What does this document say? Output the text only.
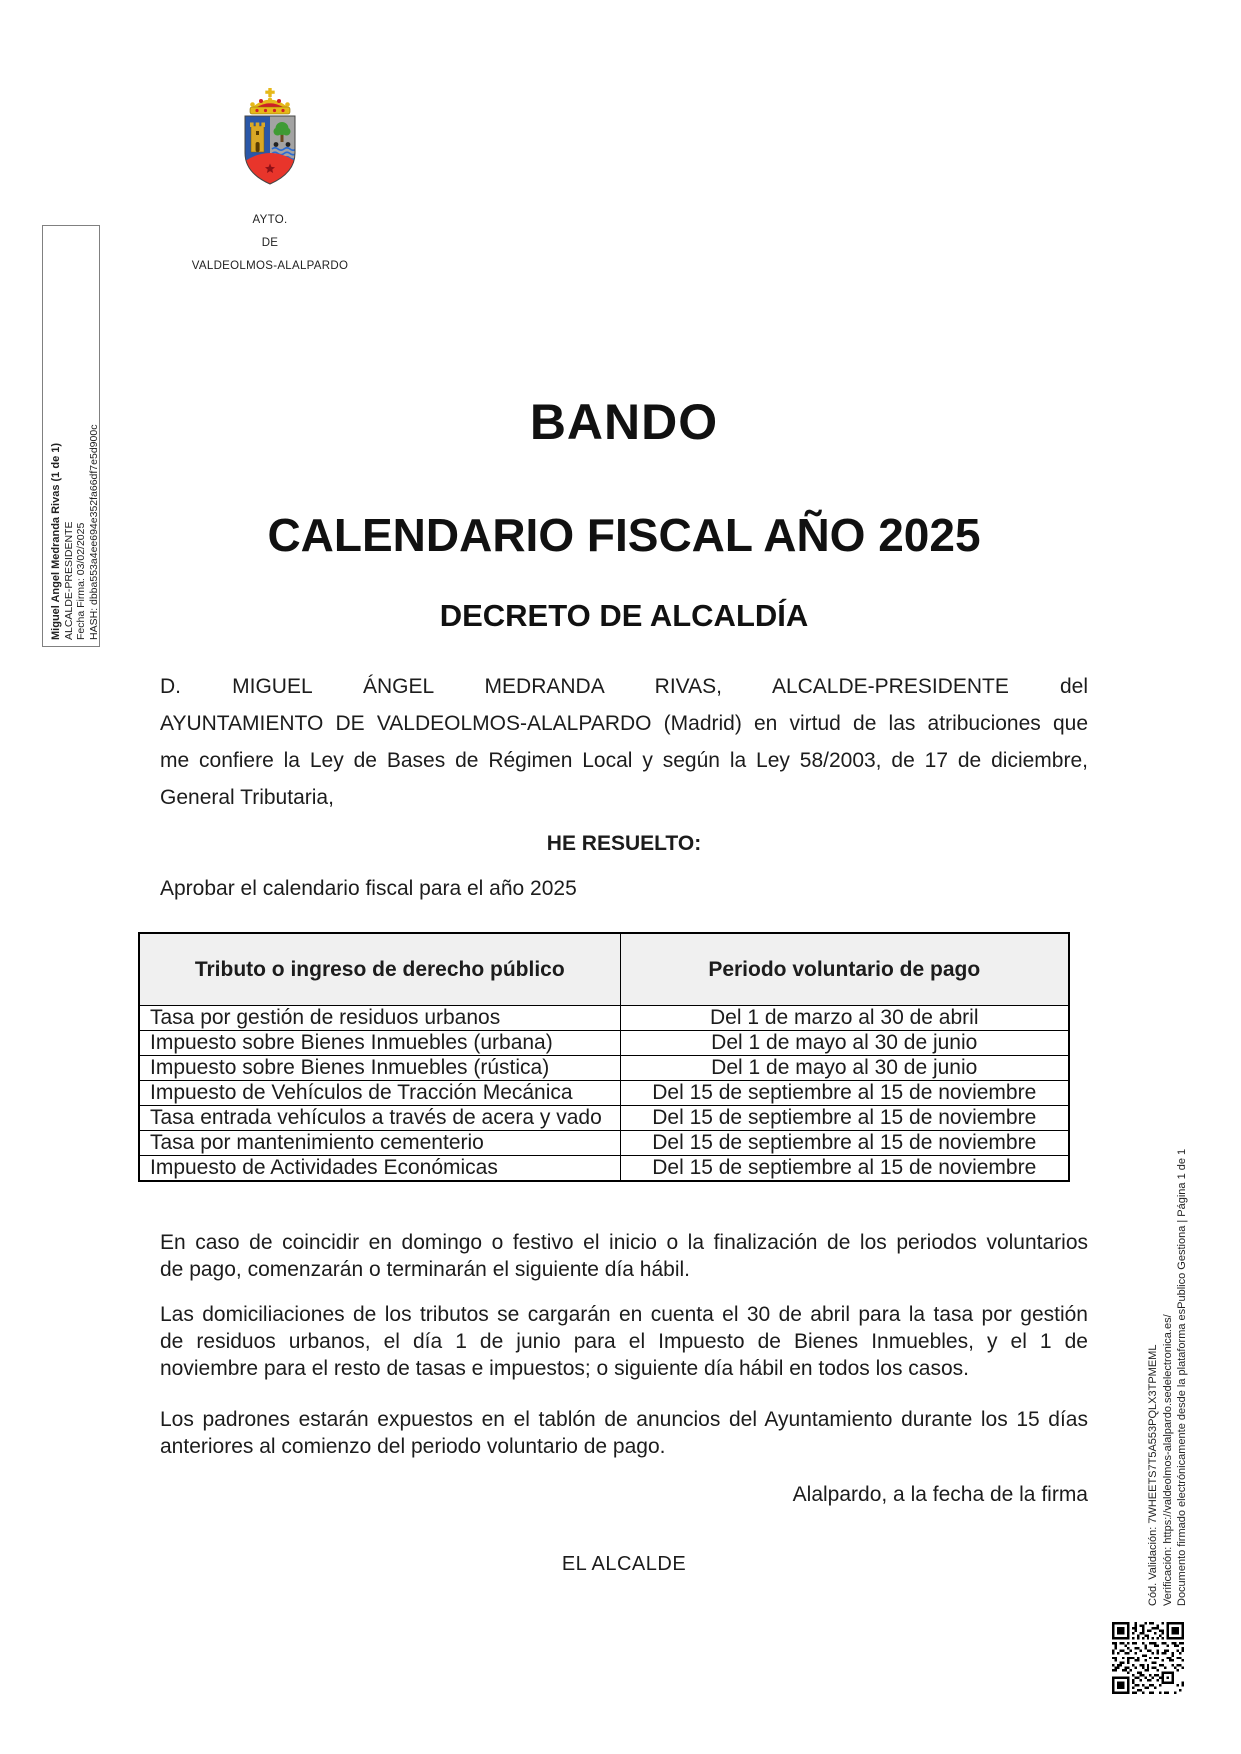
AYTO.
DE
VALDEOLMOS-ALALPARDO
Miguel Angel Medranda Rivas (1 de 1) ALCALDE-PRESIDENTE Fecha Firma: 03/02/2025 HASH: dbba553a4ee694e352fa66df7e5d900c
BANDO
CALENDARIO FISCAL AÑO 2025
DECRETO DE ALCALDÍA
D. MIGUEL ÁNGEL MEDRANDA RIVAS, ALCALDE-PRESIDENTE del
AYUNTAMIENTO DE VALDEOLMOS-ALALPARDO (Madrid) en virtud de las atribuciones que
me confiere la Ley de Bases de Régimen Local y según la Ley 58/2003, de 17 de diciembre,
General Tributaria,
HE RESUELTO:
Aprobar el calendario fiscal para el año 2025
Tributo o ingreso de derecho público	Periodo voluntario de pago
Tasa por gestión de residuos urbanos	Del 1 de marzo al 30 de abril
Impuesto sobre Bienes Inmuebles (urbana)	Del 1 de mayo al 30 de junio
Impuesto sobre Bienes Inmuebles (rústica)	Del 1 de mayo al 30 de junio
Impuesto de Vehículos de Tracción Mecánica	Del 15 de septiembre al 15 de noviembre
Tasa entrada vehículos a través de acera y vado	Del 15 de septiembre al 15 de noviembre
Tasa por mantenimiento cementerio	Del 15 de septiembre al 15 de noviembre
Impuesto de Actividades Económicas	Del 15 de septiembre al 15 de noviembre
En caso de coincidir en domingo o festivo el inicio o la finalización de los periodos voluntarios
de pago, comenzarán o terminarán el siguiente día hábil.
Las domiciliaciones de los tributos se cargarán en cuenta el 30 de abril para la tasa por gestión
de residuos urbanos, el día 1 de junio para el Impuesto de Bienes Inmuebles, y el 1 de
noviembre para el resto de tasas e impuestos; o siguiente día hábil en todos los casos.
Los padrones estarán expuestos en el tablón de anuncios del Ayuntamiento durante los 15 días
anteriores al comienzo del periodo voluntario de pago.
Alalpardo, a la fecha de la firma
EL ALCALDE	Cód. Validación: 7WHEETS7T5A553PQLX3TPMEML Verificación: https://valdeolmos-alalpardo.sedelectronica.es/ Documento firmado electrónicamente desde la plataforma esPublico Gestiona | Página 1 de 1
